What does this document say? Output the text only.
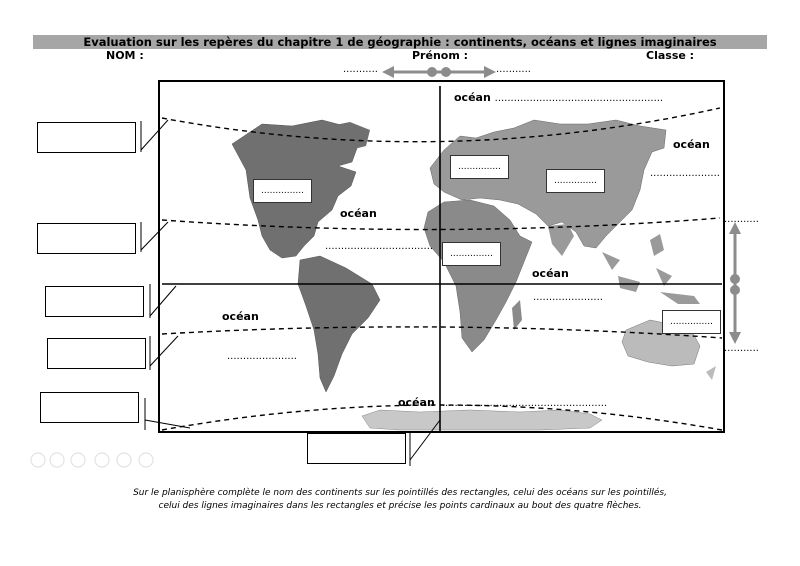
Evaluation sur les repères du chapitre 1 de géographie : continents, océans et lignes imaginaires
NOM :	Prénom :	Classe :
...........	...........
...............
...............
...............
...............
...............
océan .....................................................
océan
......................
océan
..................................
océan
......................
océan
......................
océan .....................................................
...........
...........
Sur le planisphère complète le nom des continents sur les pointillés des rectangles, celui des océans sur les pointillés,
celui des lignes imaginaires dans les rectangles et précise les points cardinaux au bout des quatre flèches.
